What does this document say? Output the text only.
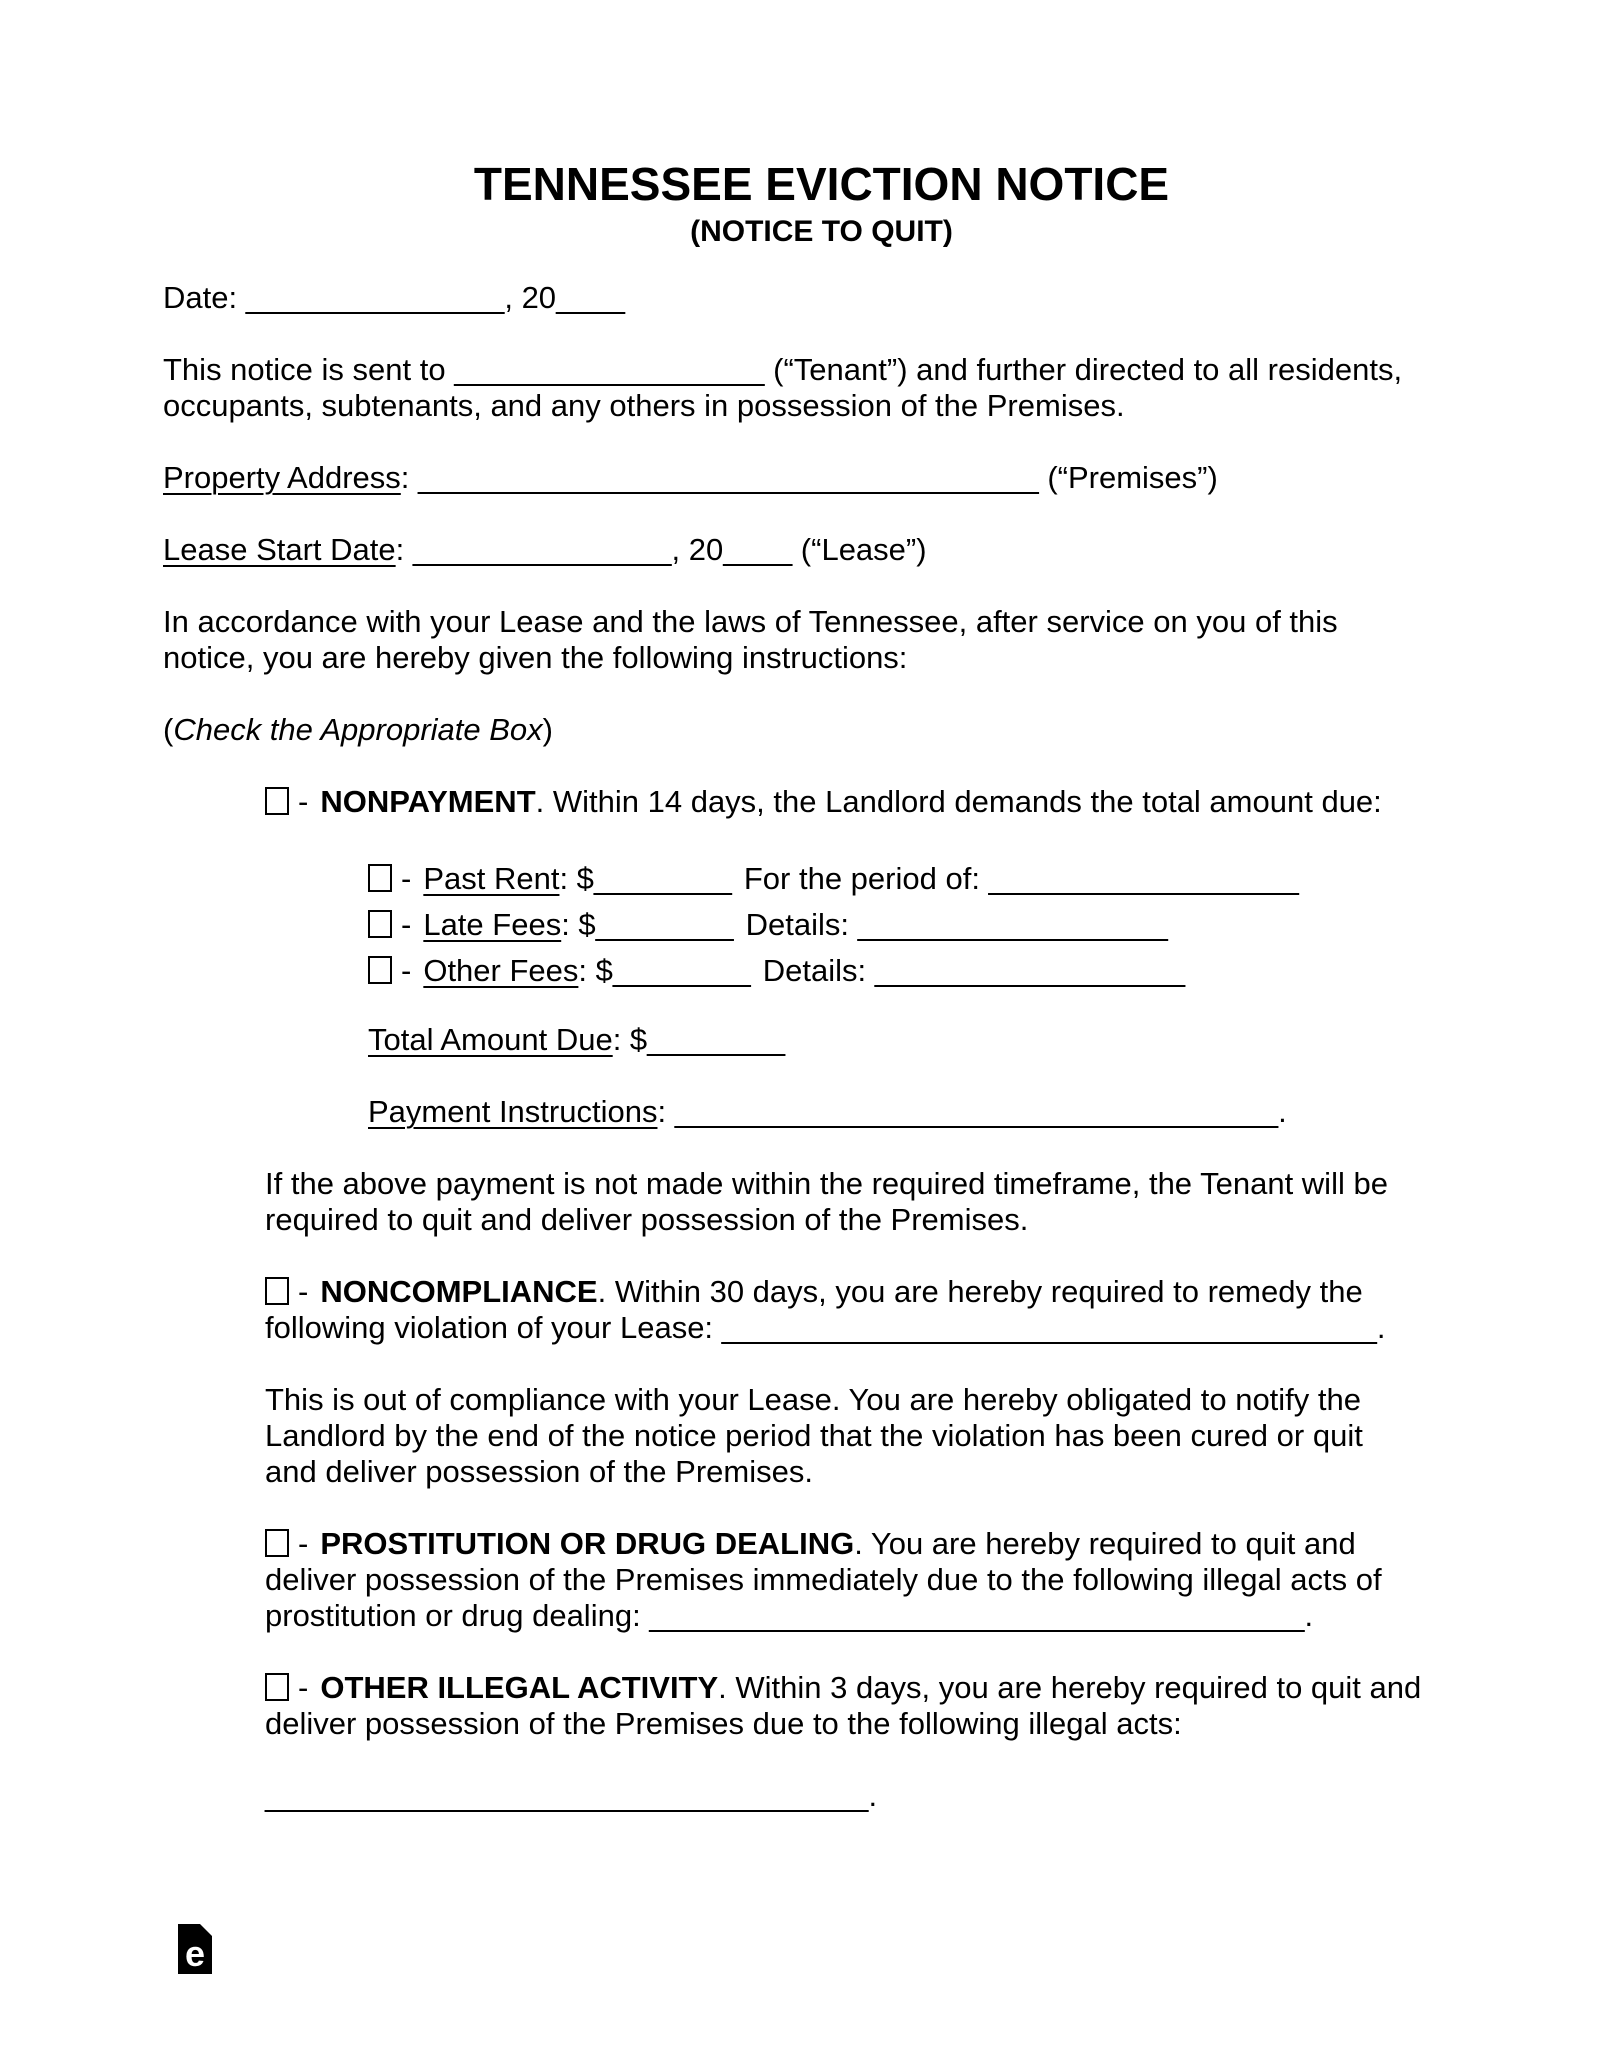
TENNESSEE EVICTION NOTICE
(NOTICE TO QUIT)

Date: _______________, 20____

This notice is sent to __________________ (“Tenant”) and further directed to all residents, occupants, subtenants, and any others in possession of the Premises.

Property Address: ____________________________________ (“Premises”)

Lease Start Date: _______________, 20____ (“Lease”)

In accordance with your Lease and the laws of Tennessee, after service on you of this notice, you are hereby given the following instructions:

(Check the Appropriate Box)

- NONPAYMENT. Within 14 days, the Landlord demands the total amount due:

- Past Rent: $________ For the period of: __________________
- Late Fees: $________ Details: __________________
- Other Fees: $________ Details: __________________

Total Amount Due: $________

Payment Instructions: ___________________________________.

If the above payment is not made within the required timeframe, the Tenant will be required to quit and deliver possession of the Premises.

- NONCOMPLIANCE. Within 30 days, you are hereby required to remedy the following violation of your Lease: ______________________________________.

This is out of compliance with your Lease. You are hereby obligated to notify the Landlord by the end of the notice period that the violation has been cured or quit and deliver possession of the Premises.

- PROSTITUTION OR DRUG DEALING. You are hereby required to quit and deliver possession of the Premises immediately due to the following illegal acts of prostitution or drug dealing: ______________________________________.

- OTHER ILLEGAL ACTIVITY. Within 3 days, you are hereby required to quit and deliver possession of the Premises due to the following illegal acts:

___________________________________.

e
